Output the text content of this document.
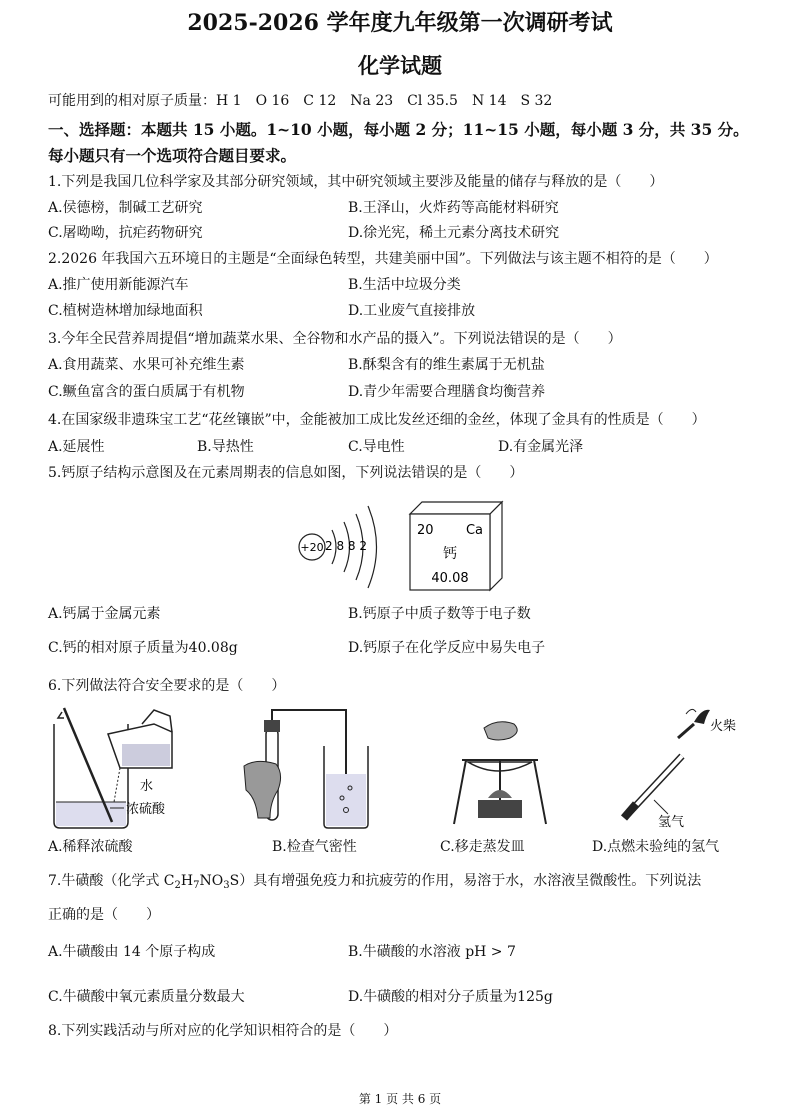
2025-2026 学年度九年级第一次调研考试
化学试题
可能用到的相对原子质量：H 1　O 16　C 12　Na 23　Cl 35.5　N 14　S 32
一、选择题：本题共 15 小题。1~10 小题，每小题 2 分；11~15 小题，每小题 3 分，共 35 分。
每小题只有一个选项符合题目要求。
1.下列是我国几位科学家及其部分研究领域，其中研究领域主要涉及能量的储存与释放的是（　　）
A.侯德榜，制碱工艺研究	B.王泽山，火炸药等高能材料研究
C.屠呦呦，抗疟药物研究	D.徐光宪，稀土元素分离技术研究
2.2026 年我国六五环境日的主题是“全面绿色转型，共建美丽中国”。下列做法与该主题不相符的是（　　）
A.推广使用新能源汽车	B.生活中垃圾分类
C.植树造林增加绿地面积	D.工业废气直接排放
3.今年全民营养周提倡“增加蔬菜水果、全谷物和水产品的摄入”。下列说法错误的是（　　）
A.食用蔬菜、水果可补充维生素	B.酥梨含有的维生素属于无机盐
C.鳜鱼富含的蛋白质属于有机物	D.青少年需要合理膳食均衡营养
4.在国家级非遗珠宝工艺“花丝镶嵌”中，金能被加工成比发丝还细的金丝，体现了金具有的性质是（　　）
A.延展性	B.导热性	C.导电性	D.有金属光泽
5.钙原子结构示意图及在元素周期表的信息如图，下列说法错误的是（　　）
+20 2 8 8 2
20 Ca
钙
40.08
A.钙属于金属元素	B.钙原子中质子数等于电子数
C.钙的相对原子质量为40.08g	D.钙原子在化学反应中易失电子
6.下列做法符合安全要求的是（　　）
水
浓硫酸
火柴
氢气
A.稀释浓硫酸	B.检查气密性	C.移走蒸发皿	D.点燃未验纯的氢气
7.牛磺酸（化学式 $C_2H_7NO_3S$）具有增强免疫力和抗疲劳的作用，易溶于水，水溶液呈微酸性。下列说法
正确的是（　　）
A.牛磺酸由 14 个原子构成	B.牛磺酸的水溶液 pH > 7
C.牛磺酸中氧元素质量分数最大	D.牛磺酸的相对分子质量为125g
8.下列实践活动与所对应的化学知识相符合的是（　　）
第 1 页 共 6 页
